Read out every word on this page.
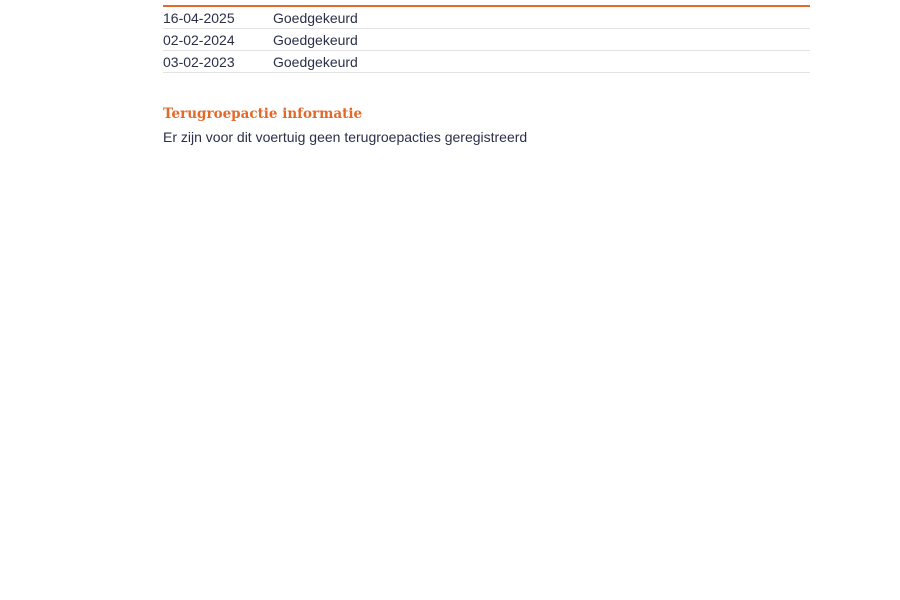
16-04-2025	Goedgekeurd
02-02-2024	Goedgekeurd
03-02-2023	Goedgekeurd
Terugroepactie informatie

Er zijn voor dit voertuig geen terugroepacties geregistreerd
